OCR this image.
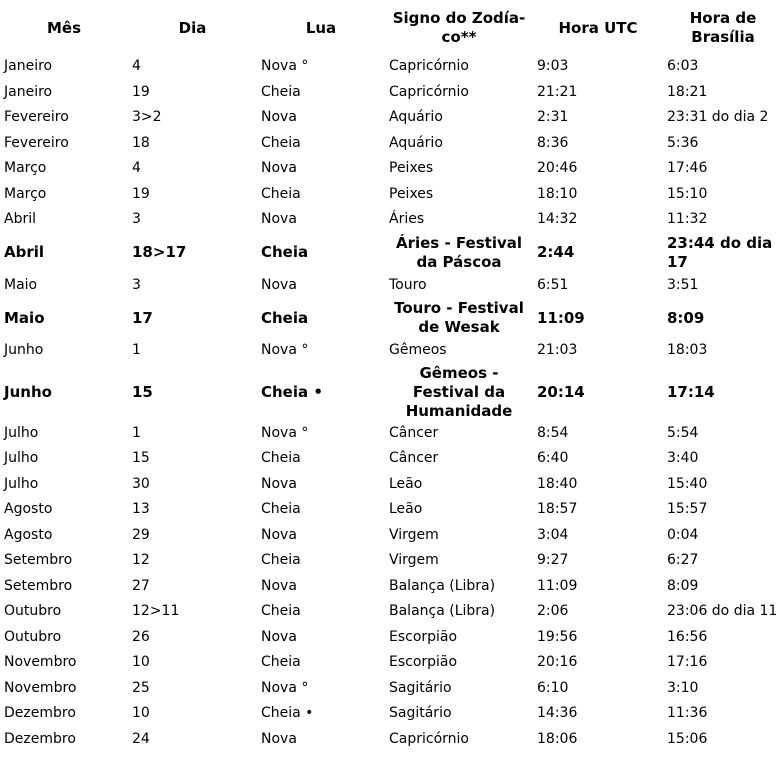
Mês	Dia	Lua	Signo do Zodía-co**	Hora UTC	Hora de Brasília
Janeiro	4	Nova °	Capricórnio	9:03	6:03
Janeiro	19	Cheia	Capricórnio	21:21	18:21
Fevereiro	3>2	Nova	Aquário	2:31	23:31 do dia 2
Fevereiro	18	Cheia	Aquário	8:36	5:36
Março	4	Nova	Peixes	20:46	17:46
Março	19	Cheia	Peixes	18:10	15:10
Abril	3	Nova	Áries	14:32	11:32
Abril	18>17	Cheia	Áries - Festival da Páscoa	2:44	23:44 do dia 17
Maio	3	Nova	Touro	6:51	3:51
Maio	17	Cheia	Touro - Festival de Wesak	11:09	8:09
Junho	1	Nova °	Gêmeos	21:03	18:03
Junho	15	Cheia •	Gêmeos - Festival da Humanidade	20:14	17:14
Julho	1	Nova °	Câncer	8:54	5:54
Julho	15	Cheia	Câncer	6:40	3:40
Julho	30	Nova	Leão	18:40	15:40
Agosto	13	Cheia	Leão	18:57	15:57
Agosto	29	Nova	Virgem	3:04	0:04
Setembro	12	Cheia	Virgem	9:27	6:27
Setembro	27	Nova	Balança (Libra)	11:09	8:09
Outubro	12>11	Cheia	Balança (Libra)	2:06	23:06 do dia 11
Outubro	26	Nova	Escorpião	19:56	16:56
Novembro	10	Cheia	Escorpião	20:16	17:16
Novembro	25	Nova °	Sagitário	6:10	3:10
Dezembro	10	Cheia •	Sagitário	14:36	11:36
Dezembro	24	Nova	Capricórnio	18:06	15:06
